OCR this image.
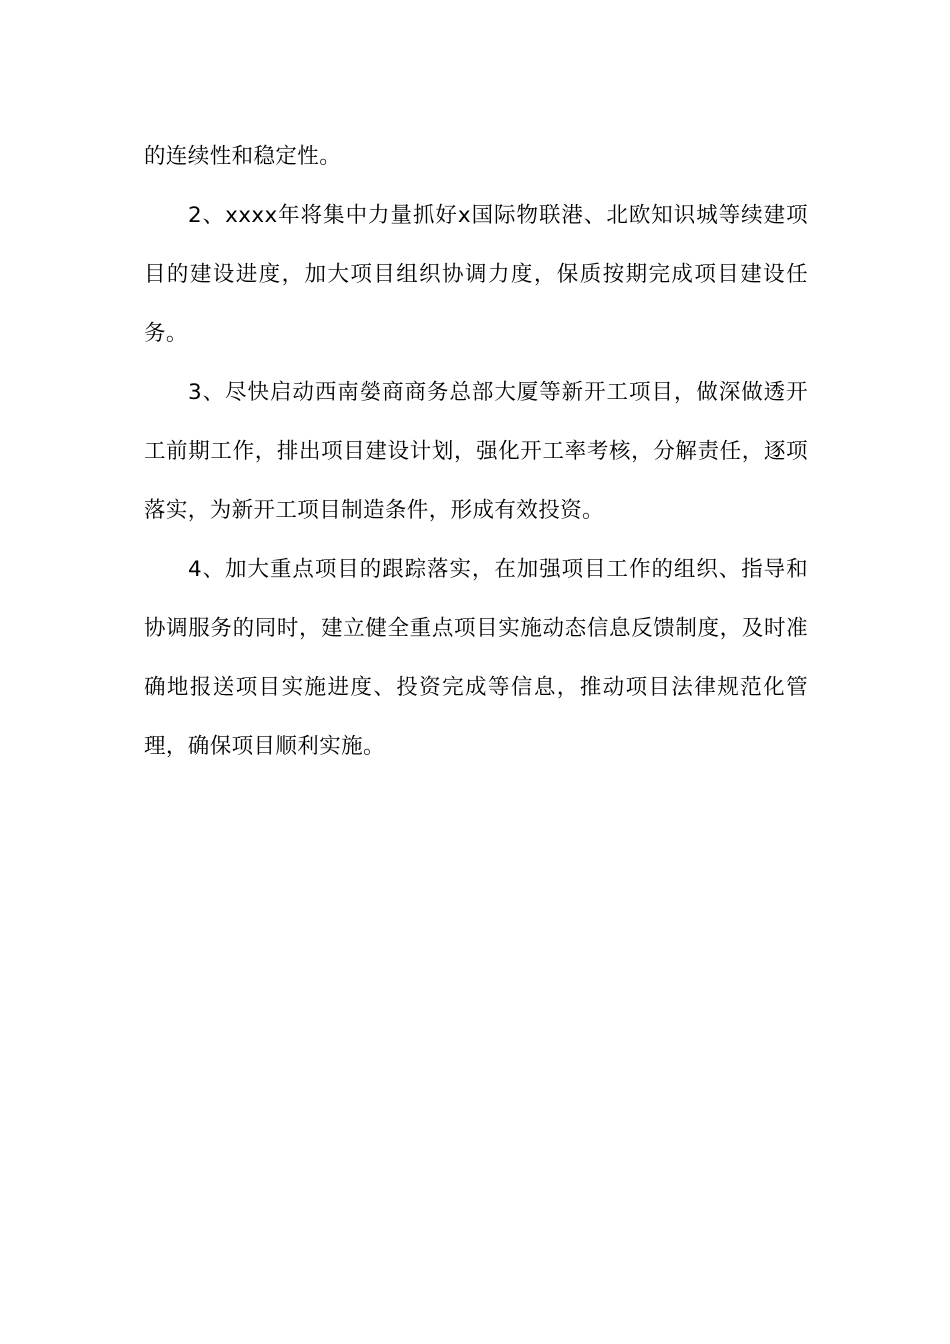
的连续性和稳定性。

2、xxxx年将集中力量抓好x国际物联港、北欧知识城等续建项目的建设进度，加大项目组织协调力度，保质按期完成项目建设任务。

3、尽快启动西南嫈商商务总部大厦等新开工项目，做深做透开工前期工作，排出项目建设计划，强化开工率考核，分解责任，逐项落实，为新开工项目制造条件，形成有效投资。

4、加大重点项目的跟踪落实，在加强项目工作的组织、指导和协调服务的同时，建立健全重点项目实施动态信息反馈制度，及时准确地报送项目实施进度、投资完成等信息，推动项目法律规范化管理，确保项目顺利实施。
